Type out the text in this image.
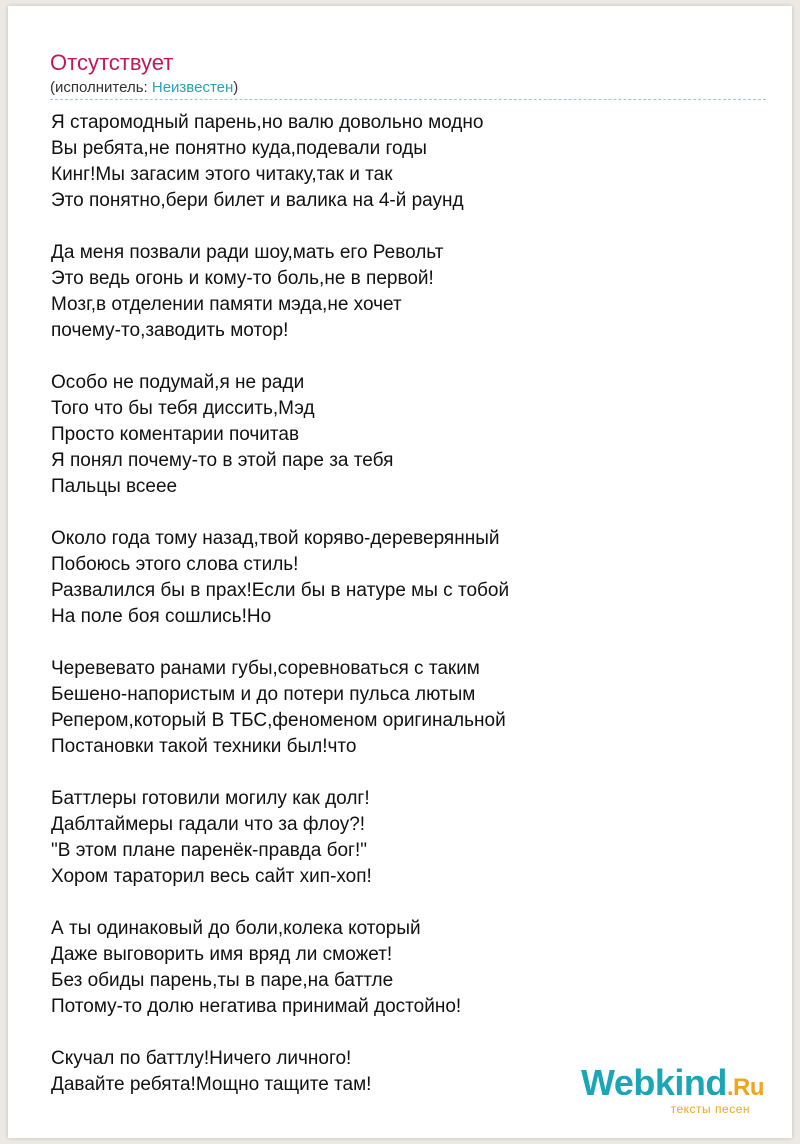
Отсутствует
(исполнитель: Неизвестен)
Я старомодный парень,но валю довольно модно
Вы ребята,не понятно куда,подевали годы
Кинг!Мы загасим этого читаку,так и так
Это понятно,бери билет и валика на 4-й раунд
Да меня позвали ради шоу,мать его Револьт
Это ведь огонь и кому-то боль,не в первой!
Мозг,в отделении памяти мэда,не хочет
почему-то,заводить мотор!
Особо не подумай,я не ради
Того что бы тебя диссить,Мэд
Просто коментарии почитав
Я понял почему-то в этой паре за тебя
Пальцы всеее
Около года тому назад,твой коряво-дереверянный
Побоюсь этого слова стиль!
Развалился бы в прах!Если бы в натуре мы с тобой
На поле боя сошлись!Но
Черевевато ранами губы,соревноваться с таким
Бешено-напористым и до потери пульса лютым
Репером,который В ТБС,феноменом оригинальной
Постановки такой техники был!что
Баттлеры готовили могилу как долг!
Даблтаймеры гадали что за флоу?!
"В этом плане паренёк-правда бог!"
Хором тараторил весь сайт хип-хоп!
А ты одинаковый до боли,колека который
Даже выговорить имя вряд ли сможет!
Без обиды парень,ты в паре,на баттле
Потому-то долю негатива принимай достойно!
Скучал по баттлу!Ничего личного!
Давайте ребята!Мощно тащите там!	Webkind.Ru
тексты песен
